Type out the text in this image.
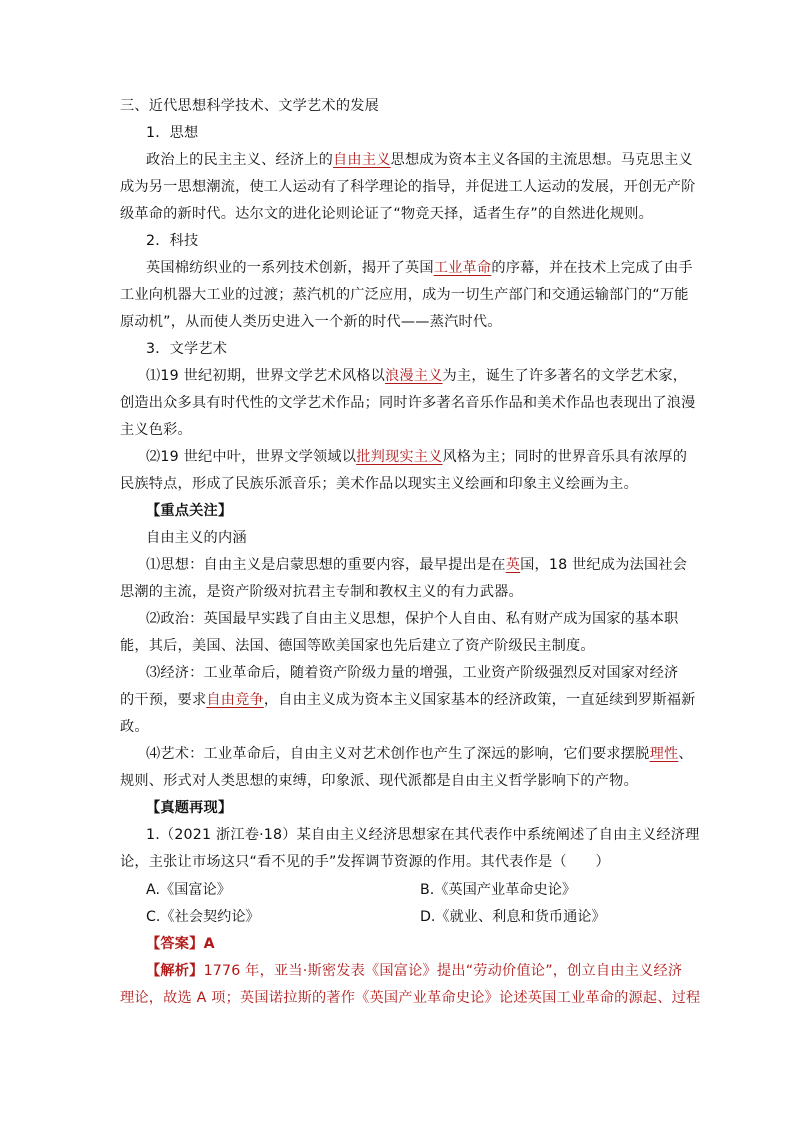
三、近代思想科学技术、文学艺术的发展
1．思想
政治上的民主主义、经济上的自由主义思想成为资本主义各国的主流思想。马克思主义
成为另一思想潮流，使工人运动有了科学理论的指导，并促进工人运动的发展，开创无产阶
级革命的新时代。达尔文的进化论则论证了“物竞天择，适者生存”的自然进化规则。
2．科技
英国棉纺织业的一系列技术创新，揭开了英国工业革命的序幕，并在技术上完成了由手
工业向机器大工业的过渡；蒸汽机的广泛应用，成为一切生产部门和交通运输部门的“万能
原动机”，从而使人类历史进入一个新的时代——蒸汽时代。
3．文学艺术
⑴19 世纪初期，世界文学艺术风格以浪漫主义为主，诞生了许多著名的文学艺术家，
创造出众多具有时代性的文学艺术作品；同时许多著名音乐作品和美术作品也表现出了浪漫
主义色彩。
⑵19 世纪中叶，世界文学领域以批判现实主义风格为主；同时的世界音乐具有浓厚的
民族特点，形成了民族乐派音乐；美术作品以现实主义绘画和印象主义绘画为主。
【重点关注】
自由主义的内涵
⑴思想：自由主义是启蒙思想的重要内容，最早提出是在英国，18 世纪成为法国社会
思潮的主流，是资产阶级对抗君主专制和教权主义的有力武器。
⑵政治：英国最早实践了自由主义思想，保护个人自由、私有财产成为国家的基本职
能，其后，美国、法国、德国等欧美国家也先后建立了资产阶级民主制度。
⑶经济：工业革命后，随着资产阶级力量的增强，工业资产阶级强烈反对国家对经济
的干预，要求自由竞争，自由主义成为资本主义国家基本的经济政策，一直延续到罗斯福新
政。
⑷艺术：工业革命后，自由主义对艺术创作也产生了深远的影响，它们要求摆脱理性、
规则、形式对人类思想的束缚，印象派、现代派都是自由主义哲学影响下的产物。
【真题再现】
1.（2021 浙江卷·18）某自由主义经济思想家在其代表作中系统阐述了自由主义经济理
论，主张让市场这只“看不见的手”发挥调节资源的作用。其代表作是（　　）
A.《国富论》	B.《英国产业革命史论》
C.《社会契约论》	D.《就业、利息和货币通论》
【答案】A
【解析】1776 年，亚当·斯密发表《国富论》提出“劳动价值论”，创立自由主义经济
理论，故选 A 项；英国诺拉斯的著作《英国产业革命史论》论述英国工业革命的源起、过程
